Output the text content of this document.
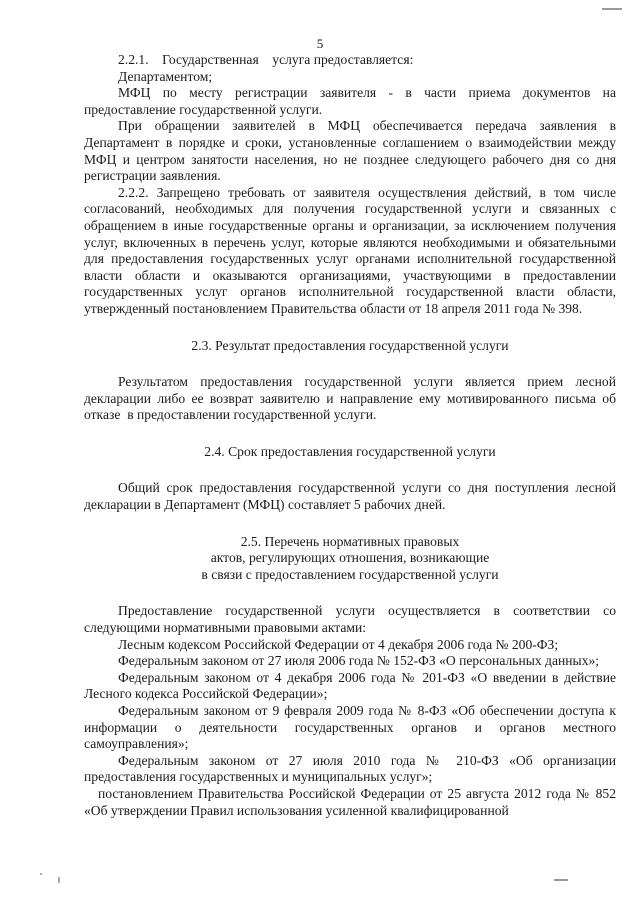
5

2.2.1.    Государственная    услуга предоставляется:

Департаментом;

МФЦ по месту регистрации заявителя - в части приема документов на предоставление государственной услуги.

При обращении заявителей в МФЦ обеспечивается передача заявления в Департамент в порядке и сроки, установленные соглашением о взаимодействии между МФЦ и центром занятости населения, но не позднее следующего рабочего дня со дня регистрации заявления.

2.2.2. Запрещено требовать от заявителя осуществления действий, в том числе согласований, необходимых для получения государственной услуги и связанных с обращением в иные государственные органы и организации, за исключением получения услуг, включенных в перечень услуг, которые являются необходимыми и обязательными для предоставления государственных услуг органами исполнительной государственной власти области и оказываются организациями, участвующими в предоставлении государственных услуг органов исполнительной государственной власти области, утвержденный постановлением Правительства области от 18 апреля 2011 года № 398.

2.3. Результат предоставления государственной услуги

Результатом предоставления государственной услуги является прием лесной декларации либо ее возврат заявителю и направление ему мотивированного письма об отказе  в предоставлении государственной услуги.

2.4. Срок предоставления государственной услуги

Общий срок предоставления государственной услуги со дня поступления лесной декларации в Департамент (МФЦ) составляет 5 рабочих дней.

2.5. Перечень нормативных правовых

актов, регулирующих отношения, возникающие

в связи с предоставлением государственной услуги

Предоставление государственной услуги осуществляется в соответствии со следующими нормативными правовыми актами:

Лесным кодексом Российской Федерации от 4 декабря 2006 года № 200-ФЗ;

Федеральным законом от 27 июля 2006 года № 152-ФЗ «О персональных данных»;

Федеральным законом от 4 декабря 2006 года № 201-ФЗ «О введении в действие Лесного кодекса Российской Федерации»;

Федеральным законом от 9 февраля 2009 года № 8-ФЗ «Об обеспечении доступа к информации о деятельности государственных органов и органов местного самоуправления»;

Федеральным законом от 27 июля 2010 года № 210-ФЗ «Об организации предоставления государственных и муниципальных услуг»;

постановлением Правительства Российской Федерации от 25 августа 2012 года № 852 «Об утверждении Правил использования усиленной квалифицированной
